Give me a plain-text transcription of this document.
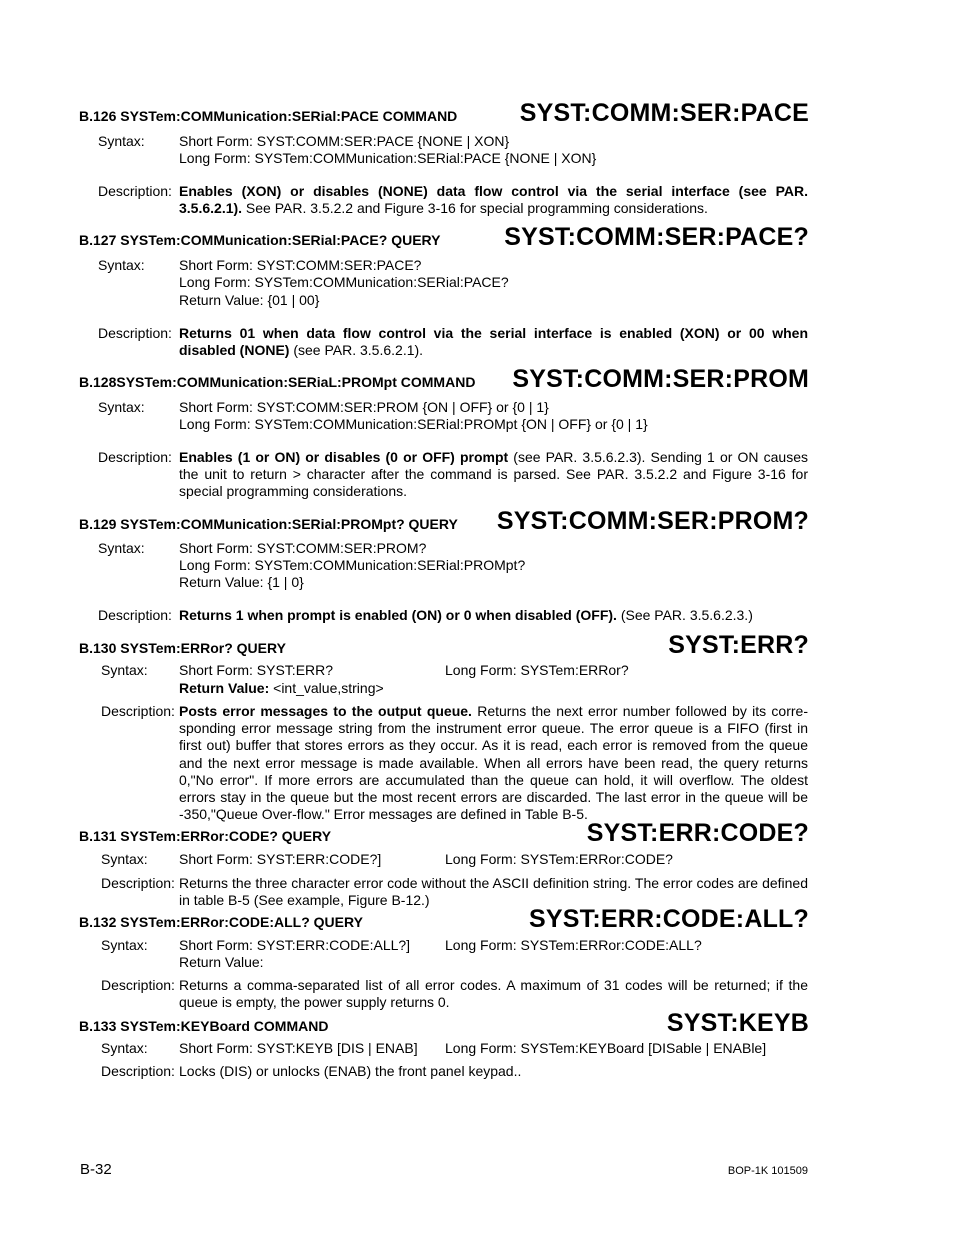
B.126 SYSTem:COMMunication:SERial:PACE COMMAND SYST:COMM:SER:PACE
Syntax: Short Form: SYST:COMM:SER:PACE {NONE | XON}
Long Form: SYSTem:COMMunication:SERial:PACE {NONE | XON}
Description: Enables (XON) or disables (NONE) data flow control via the serial interface (see PAR. 3.5.6.2.1). See PAR. 3.5.2.2 and Figure 3-16 for special programming considerations.
B.127 SYSTem:COMMunication:SERial:PACE? QUERY	SYST:COMM:SER:PACE?
Syntax: Short Form: SYST:COMM:SER:PACE?
Long Form: SYSTem:COMMunication:SERial:PACE?
Return Value: {01 | 00}
Description: Returns 01 when data flow control via the serial interface is enabled (XON) or 00 when disabled (NONE) (see PAR. 3.5.6.2.1).
B.128SYSTem:COMMunication:SERiaL:PROMpt COMMAND SYST:COMM:SER:PROM
Syntax: Short Form: SYST:COMM:SER:PROM {ON | OFF} or {0 | 1}
Long Form: SYSTem:COMMunication:SERial:PROMpt {ON | OFF} or {0 | 1}
Description: Enables (1 or ON) or disables (0 or OFF) prompt (see PAR. 3.5.6.2.3). Sending 1 or ON causes the unit to return > character after the command is parsed. See PAR. 3.5.2.2 and Figure 3-16 for special programming considerations.
B.129 SYSTem:COMMunication:SERial:PROMpt? QUERY SYST:COMM:SER:PROM?
Syntax: Short Form: SYST:COMM:SER:PROM?
Long Form: SYSTem:COMMunication:SERial:PROMpt?
Return Value: {1 | 0}
Description: Returns 1 when prompt is enabled (ON) or 0 when disabled (OFF). (See PAR. 3.5.6.2.3.)
B.130 SYSTem:ERRor? QUERY	SYST:ERR?
Syntax: Short Form: SYST:ERR?	Long Form: SYSTem:ERRor?
Return Value: <int_value,string>
Description: Posts error messages to the output queue. Returns the next error number followed by its corre-sponding error message string from the instrument error queue. The error queue is a FIFO (first in first out) buffer that stores errors as they occur. As it is read, each error is removed from the queue and the next error message is made available. When all errors have been read, the query returns 0,"No error". If more errors are accumulated than the queue can hold, it will overflow. The oldest errors stay in the queue but the most recent errors are discarded. The last error in the queue will be -350,"Queue Over-flow." Error messages are defined in Table B-5.
B.131 SYSTem:ERRor:CODE? QUERY	SYST:ERR:CODE?
Syntax: Short Form: SYST:ERR:CODE?]	Long Form: SYSTem:ERRor:CODE?
Description: Returns the three character error code without the ASCII definition string. The error codes are defined in table B-5 (See example, Figure B-12.)
B.132 SYSTem:ERRor:CODE:ALL? QUERY	SYST:ERR:CODE:ALL?
Syntax: Short Form: SYST:ERR:CODE:ALL?] Long Form: SYSTem:ERRor:CODE:ALL?
Return Value:
Description: Returns a comma-separated list of all error codes. A maximum of 31 codes will be returned; if the queue is empty, the power supply returns 0.
B.133 SYSTem:KEYBoard COMMAND	SYST:KEYB
Syntax: Short Form: SYST:KEYB [DIS | ENAB] Long Form: SYSTem:KEYBoard [DISable | ENABle]
Description: Locks (DIS) or unlocks (ENAB) the front panel keypad..
B-32	BOP-1K 101509
